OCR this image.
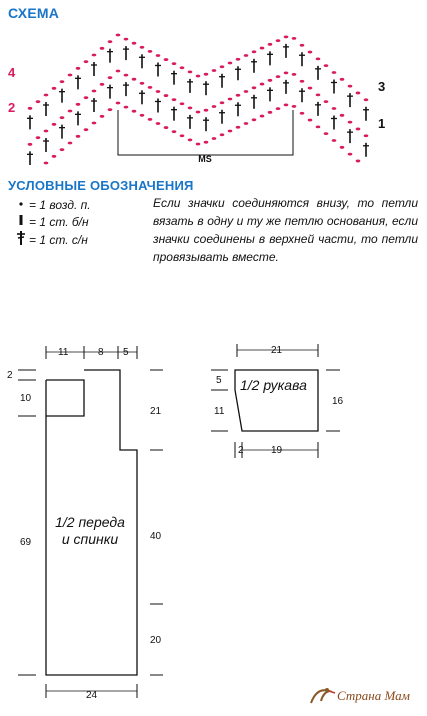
СХЕМА
MS
4
2
3
1
УСЛОВНЫЕ ОБОЗНАЧЕНИЯ
= 1 возд. п.
= 1 ст. б/н
= 1 ст. с/н
Если значки соединяются внизу, то петли вязать в одну и ту же петлю основания, если значки соединены в верхней части, то петли провязывать вместе.
11	8 5
2
10
69
21
40
20
24
1/2 переда
и спинки
21
5
11
16
2	19
1/2 рукава
Страна Мам
